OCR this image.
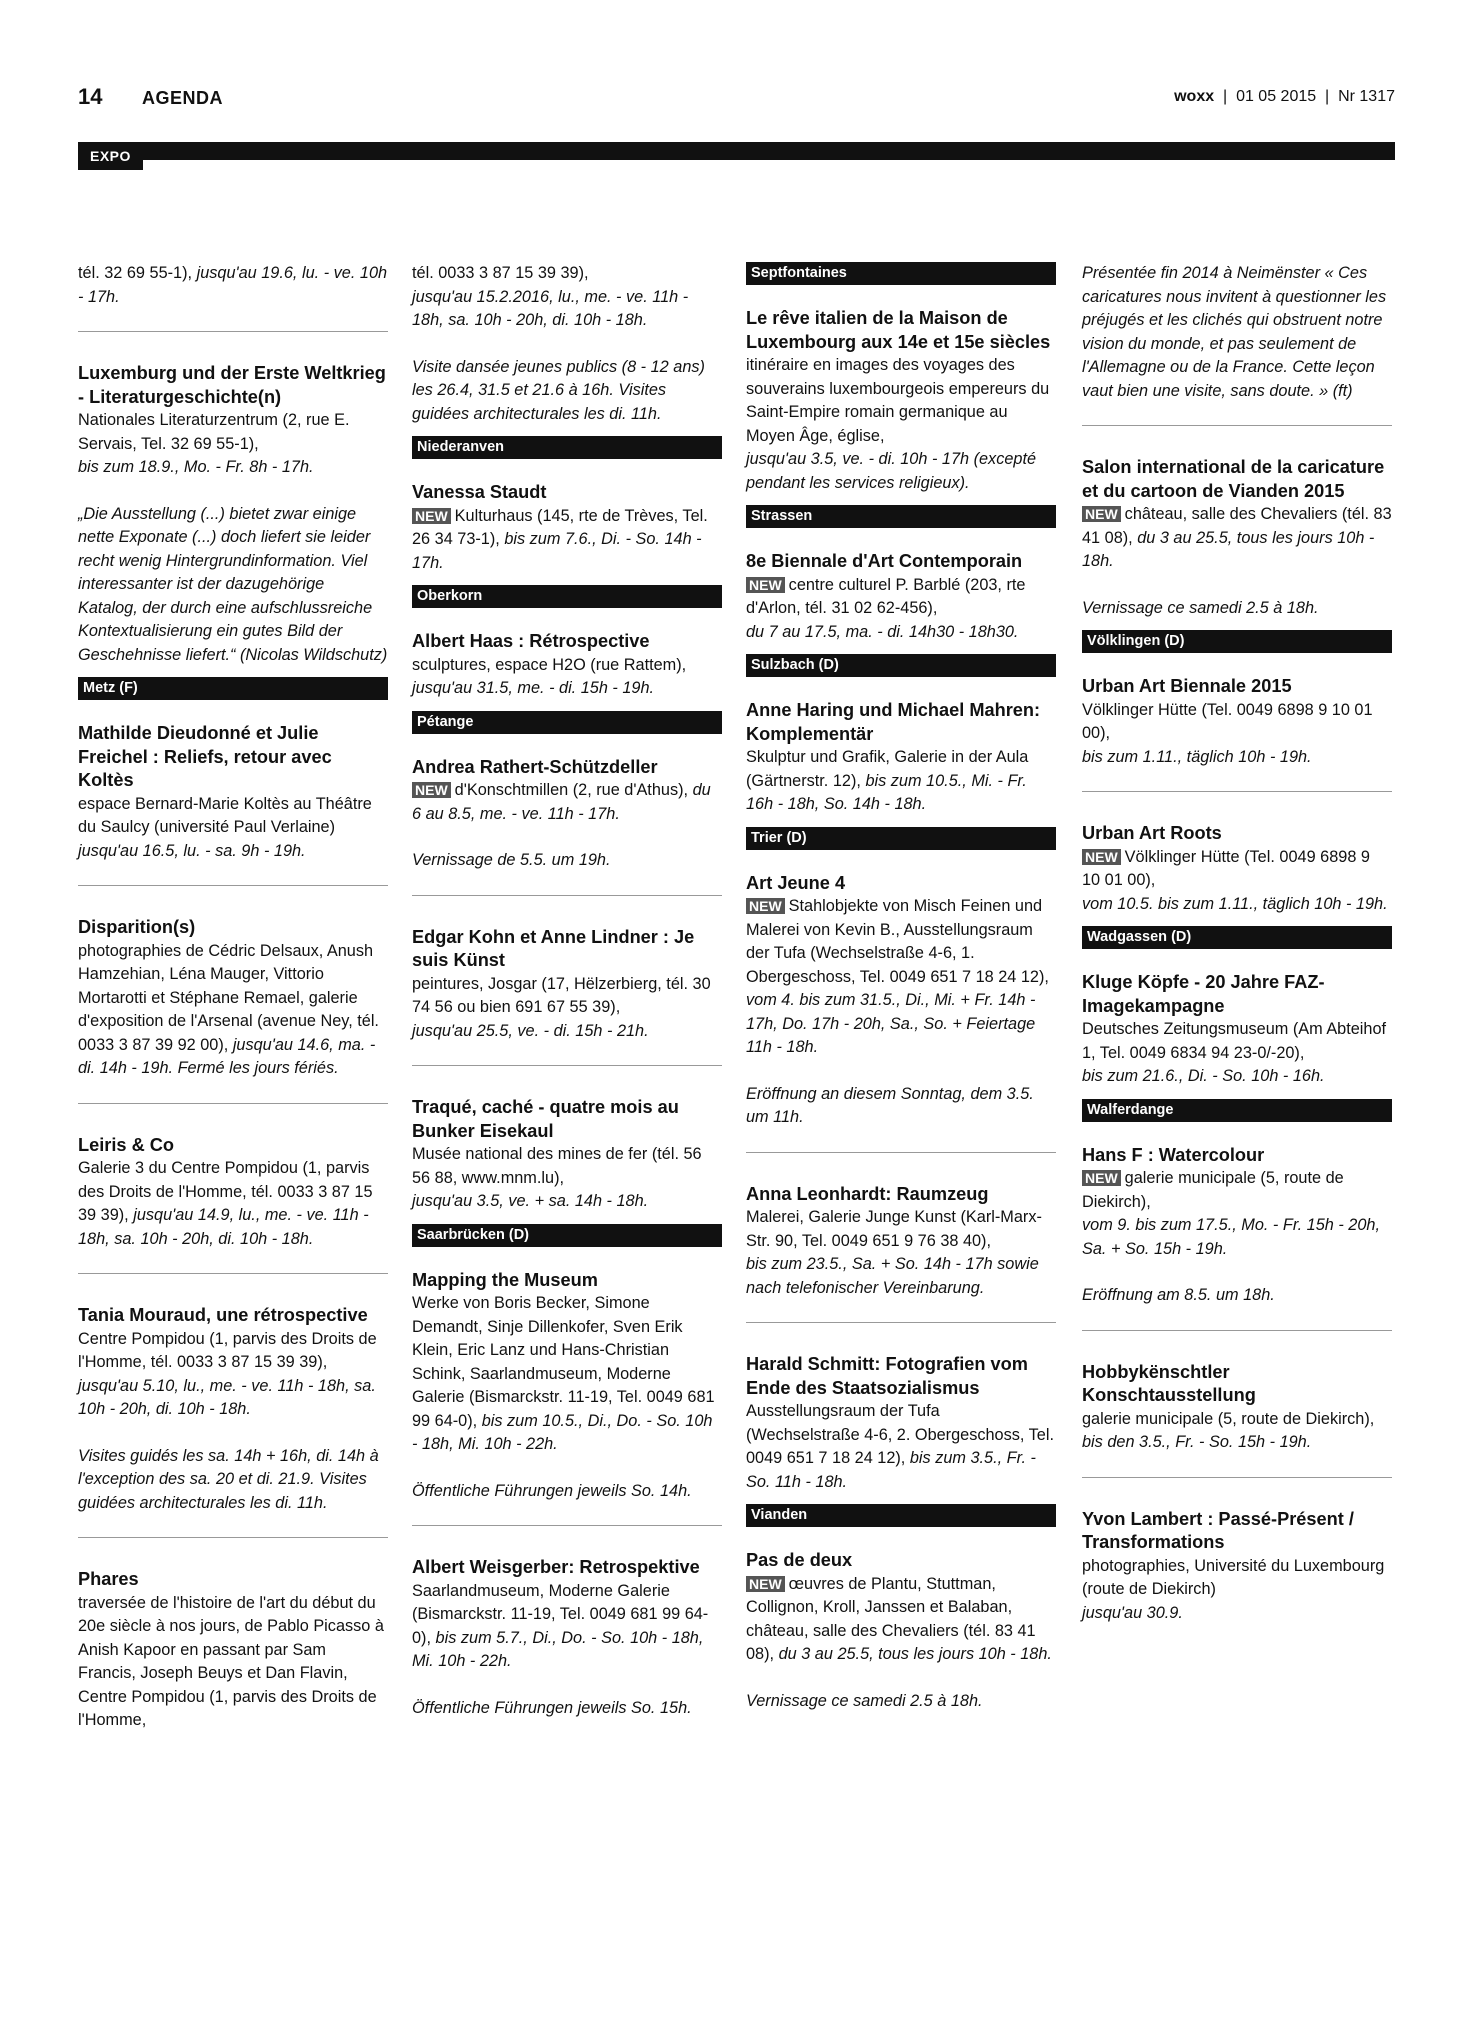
14 AGENDA	woxx  |  01 05 2015  |  Nr 1317
EXPO

tél. 32 69 55-1), jusqu'au 19.6, lu. - ve. 10h - 17h.

Luxemburg und der Erste Weltkrieg - Literaturgeschichte(n)

Nationales Literaturzentrum (2, rue E. Servais, Tel. 32 69 55-1),

bis zum 18.9., Mo. - Fr. 8h - 17h.

„Die Ausstellung (...) bietet zwar einige nette Exponate (...) doch liefert sie leider recht wenig Hintergrundinformation. Viel interessanter ist der dazugehörige Katalog, der durch eine aufschlussreiche Kontextualisierung ein gutes Bild der Geschehnisse liefert.“ (Nicolas Wildschutz)

Metz (F)

Mathilde Dieudonné et Julie Freichel : Reliefs, retour avec Koltès

espace Bernard-Marie Koltès au Théâtre du Saulcy (université Paul Verlaine) jusqu'au 16.5, lu. - sa. 9h - 19h.

Disparition(s)

photographies de Cédric Delsaux, Anush Hamzehian, Léna Mauger, Vittorio Mortarotti et Stéphane Remael, galerie d'exposition de l'Arsenal (avenue Ney, tél. 0033 3 87 39 92 00), jusqu'au 14.6, ma. - di. 14h - 19h. Fermé les jours fériés.

Leiris & Co

Galerie 3 du Centre Pompidou (1, parvis des Droits de l'Homme, tél. 0033 3 87 15 39 39), jusqu'au 14.9, lu., me. - ve. 11h - 18h, sa. 10h - 20h, di. 10h - 18h.

Tania Mouraud, une rétrospective

Centre Pompidou (1, parvis des Droits de l'Homme, tél. 0033 3 87 15 39 39), jusqu'au 5.10, lu., me. - ve. 11h - 18h, sa. 10h - 20h, di. 10h - 18h.

Visites guidés les sa. 14h + 16h, di. 14h à l'exception des sa. 20 et di. 21.9. Visites guidées architecturales les di. 11h.

Phares

traversée de l'histoire de l'art du début du 20e siècle à nos jours, de Pablo Picasso à Anish Kapoor en passant par Sam Francis, Joseph Beuys et Dan Flavin, Centre Pompidou (1, parvis des Droits de l'Homme,

tél. 0033 3 87 15 39 39),

jusqu'au 15.2.2016, lu., me. - ve. 11h - 18h, sa. 10h - 20h, di. 10h - 18h.

Visite dansée jeunes publics (8 - 12 ans) les 26.4, 31.5 et 21.6 à 16h. Visites guidées architecturales les di. 11h.

Niederanven

Vanessa Staudt

NEW Kulturhaus (145, rte de Trèves, Tel. 26 34 73-1), bis zum 7.6., Di. - So. 14h - 17h.

Oberkorn

Albert Haas : Rétrospective

sculptures, espace H2O (rue Rattem),

jusqu'au 31.5, me. - di. 15h - 19h.

Pétange

Andrea Rathert-Schützdeller

NEW d'Konschtmillen (2, rue d'Athus), du 6 au 8.5, me. - ve. 11h - 17h.

Vernissage de 5.5. um 19h.

Edgar Kohn et Anne Lindner : Je suis Künst

peintures, Josgar (17, Hëlzerbierg, tél. 30 74 56 ou bien 691 67 55 39),

jusqu'au 25.5, ve. - di. 15h - 21h.

Traqué, caché - quatre mois au Bunker Eisekaul

Musée national des mines de fer (tél. 56 56 88, www.mnm.lu),

jusqu'au 3.5, ve. + sa. 14h - 18h.

Saarbrücken (D)

Mapping the Museum

Werke von Boris Becker, Simone Demandt, Sinje Dillenkofer, Sven Erik Klein, Eric Lanz und Hans-Christian Schink, Saarlandmuseum, Moderne Galerie (Bismarckstr. 11-19, Tel. 0049 681 99 64-0), bis zum 10.5., Di., Do. - So. 10h - 18h, Mi. 10h - 22h.

Öffentliche Führungen jeweils So. 14h.

Albert Weisgerber: Retrospektive

Saarlandmuseum, Moderne Galerie (Bismarckstr. 11-19, Tel. 0049 681 99 64-0), bis zum 5.7., Di., Do. - So. 10h - 18h, Mi. 10h - 22h.

Öffentliche Führungen jeweils So. 15h.

Septfontaines

Le rêve italien de la Maison de Luxembourg aux 14e et 15e siècles

itinéraire en images des voyages des souverains luxembourgeois empereurs du Saint-Empire romain germanique au Moyen Âge, église,

jusqu'au 3.5, ve. - di. 10h - 17h (excepté pendant les services religieux).

Strassen

8e Biennale d'Art Contemporain

NEW centre culturel P. Barblé (203, rte d'Arlon, tél. 31 02 62-456),

du 7 au 17.5, ma. - di. 14h30 - 18h30.

Sulzbach (D)

Anne Haring und Michael Mahren: Komplementär

Skulptur und Grafik, Galerie in der Aula (Gärtnerstr. 12), bis zum 10.5., Mi. - Fr. 16h - 18h, So. 14h - 18h.

Trier (D)

Art Jeune 4

NEW Stahlobjekte von Misch Feinen und Malerei von Kevin B., Ausstellungsraum der Tufa (Wechselstraße 4-6, 1. Obergeschoss, Tel. 0049 651 7 18 24 12),

vom 4. bis zum 31.5., Di., Mi. + Fr. 14h - 17h, Do. 17h - 20h, Sa., So. + Feiertage 11h - 18h.

Eröffnung an diesem Sonntag, dem 3.5. um 11h.

Anna Leonhardt: Raumzeug

Malerei, Galerie Junge Kunst (Karl-Marx-Str. 90, Tel. 0049 651 9 76 38 40),

bis zum 23.5., Sa. + So. 14h - 17h sowie nach telefonischer Vereinbarung.

Harald Schmitt: Fotografien vom Ende des Staatsozialismus

Ausstellungsraum der Tufa (Wechselstraße 4-6, 2. Obergeschoss, Tel. 0049 651 7 18 24 12), bis zum 3.5., Fr. - So. 11h - 18h.

Vianden

Pas de deux

NEW œuvres de Plantu, Stuttman, Collignon, Kroll, Janssen et Balaban, château, salle des Chevaliers (tél. 83 41 08), du 3 au 25.5, tous les jours 10h - 18h.

Vernissage ce samedi 2.5 à 18h.

Présentée fin 2014 à Neimënster « Ces caricatures nous invitent à questionner les préjugés et les clichés qui obstruent notre vision du monde, et pas seulement de l'Allemagne ou de la France. Cette leçon vaut bien une visite, sans doute. » (ft)

Salon international de la caricature et du cartoon de Vianden 2015

NEW château, salle des Chevaliers (tél. 83 41 08), du 3 au 25.5, tous les jours 10h - 18h.

Vernissage ce samedi 2.5 à 18h.

Völklingen (D)

Urban Art Biennale 2015

Völklinger Hütte (Tel. 0049 6898 9 10 01 00),

bis zum 1.11., täglich 10h - 19h.

Urban Art Roots

NEW Völklinger Hütte (Tel. 0049 6898 9 10 01 00),

vom 10.5. bis zum 1.11., täglich 10h - 19h.

Wadgassen (D)

Kluge Köpfe - 20 Jahre FAZ-Imagekampagne

Deutsches Zeitungsmuseum (Am Abteihof 1, Tel. 0049 6834 94 23-0/-20),

bis zum 21.6., Di. - So. 10h - 16h.

Walferdange

Hans F : Watercolour

NEW galerie municipale (5, route de Diekirch),

vom 9. bis zum 17.5., Mo. - Fr. 15h - 20h, Sa. + So. 15h - 19h.

Eröffnung am 8.5. um 18h.

Hobbykënschtler Konschtausstellung

galerie municipale (5, route de Diekirch), bis den 3.5., Fr. - So. 15h - 19h.

Yvon Lambert : Passé-Présent / Transformations

photographies, Université du Luxembourg (route de Diekirch)

jusqu'au 30.9.
